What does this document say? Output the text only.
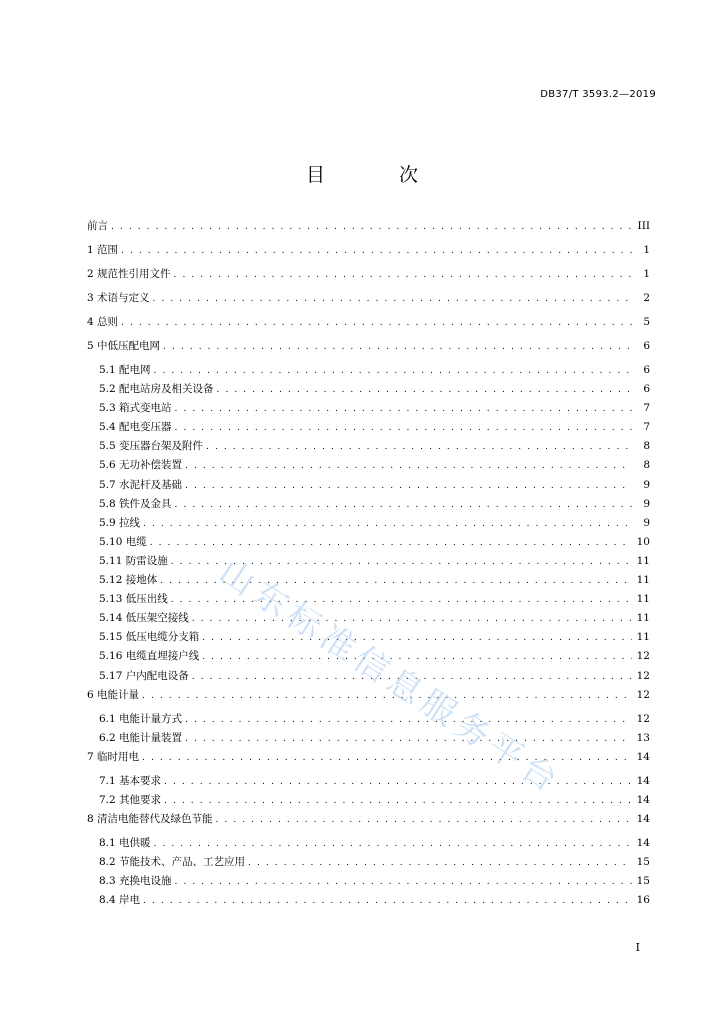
DB37/T 3593.2—2019
目 次
前言 . . .	III
1 范围 . . .	1
2 规范性引用文件 . . .	1
3 术语与定义 . . .	2
4 总则 . . .	5
5 中低压配电网 . . .	6
5.1 配电网 . . .	6
5.2 配电站房及相关设备 . . .	6
5.3 箱式变电站 . . .	7
5.4 配电变压器 . . .	7
5.5 变压器台架及附件 . . .	8
5.6 无功补偿装置 . . .	8
5.7 水泥杆及基础 . . .	9
5.8 铁件及金具 . . .	9
5.9 拉线 . . .	9
5.10 电缆 . . .	10
5.11 防雷设施 . . .	11
5.12 接地体 . . .	11
5.13 低压出线 . . .	11
5.14 低压架空接线 . . .	11
5.15 低压电缆分支箱 . . .	11
5.16 电缆直埋接户线 . . .	12
5.17 户内配电设备 . . .	12
6 电能计量 . . .	12
6.1 电能计量方式 . . .	12
6.2 电能计量装置 . . .	13
7 临时用电 . . .	14
7.1 基本要求 . . .	14
7.2 其他要求 . . .	14
8 清洁电能替代及绿色节能 . . .	14
8.1 电供暖 . . .	14
8.2 节能技术、产品、工艺应用 . . .	15
8.3 充换电设施 . . .	15
8.4 岸电 . . .	16
山东标准信息服务平台
I
